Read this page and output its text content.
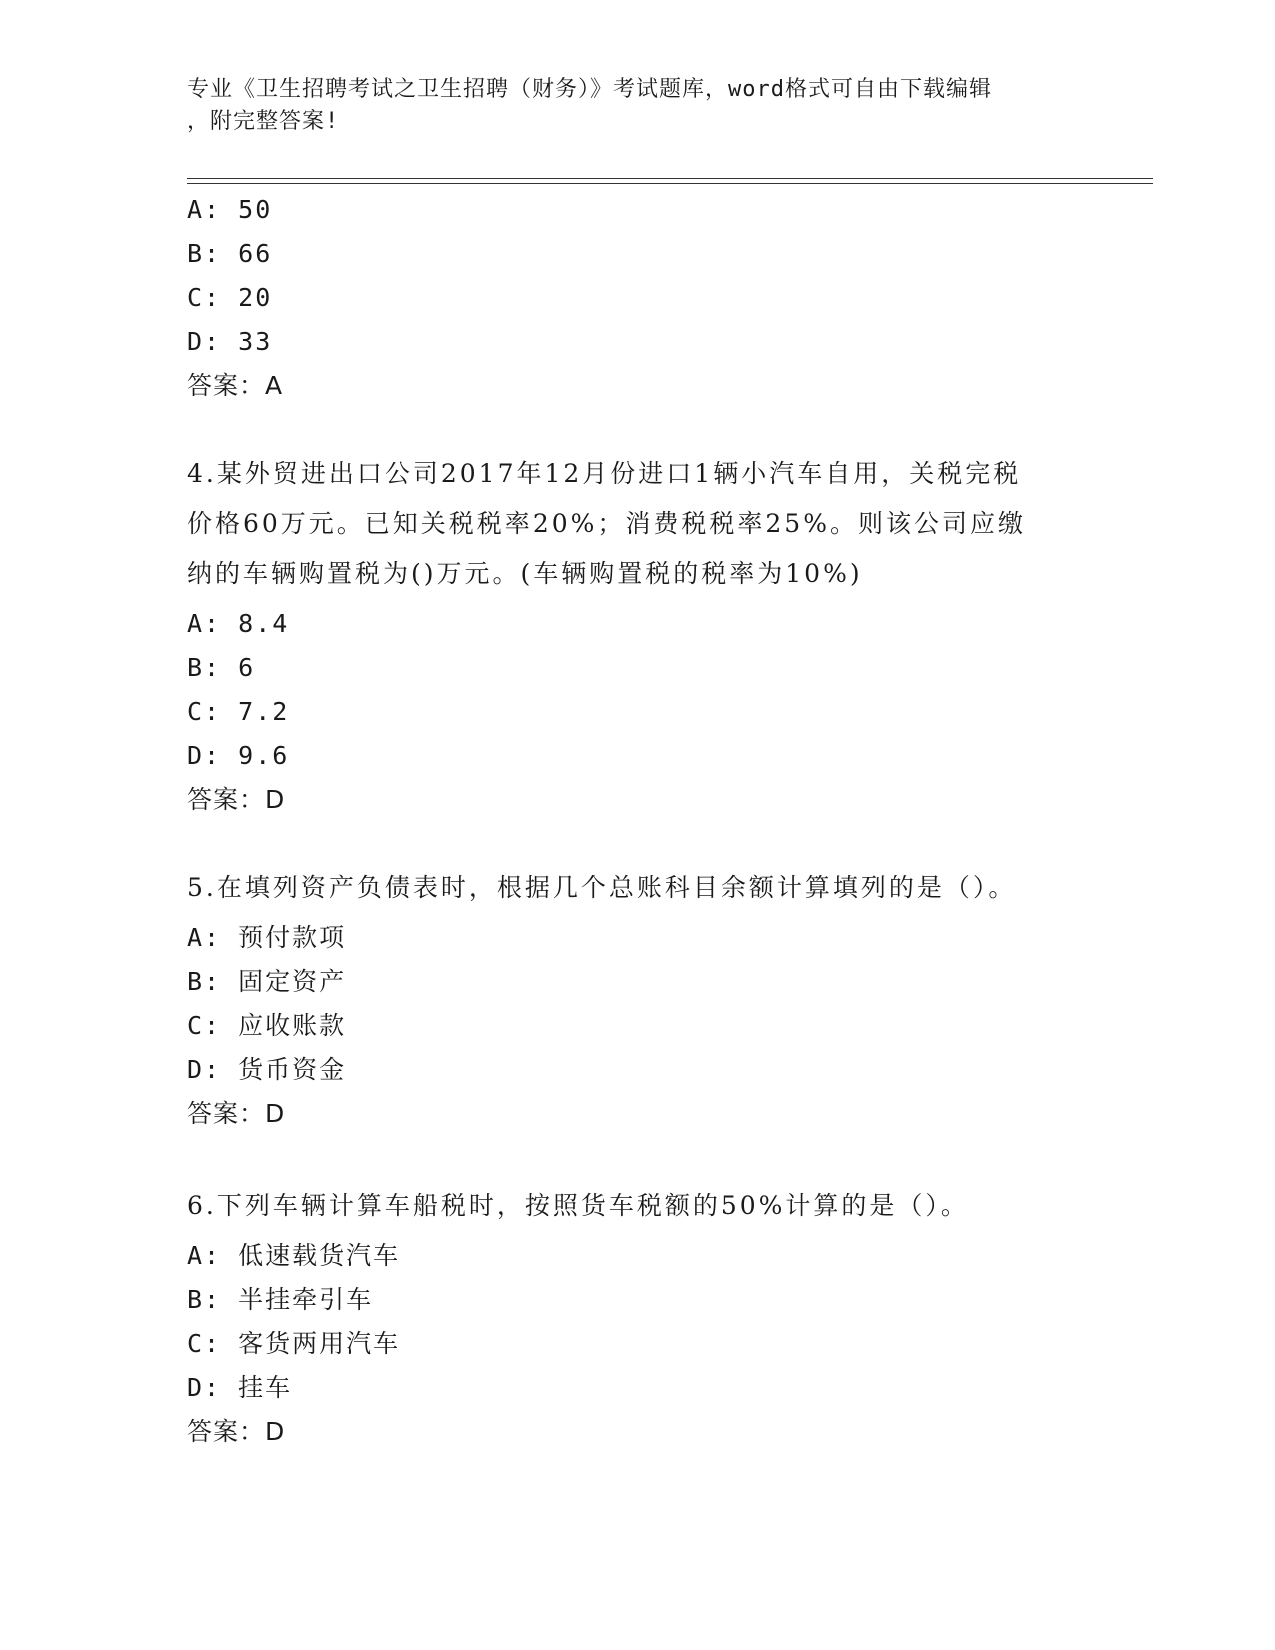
专业《卫生招聘考试之卫生招聘（财务）》考试题库，word格式可自由下载编辑
，附完整答案!
A: 50
B: 66
C: 20
D: 33
答案：A
4.某外贸进出口公司2017年12月份进口1辆小汽车自用，关税完税
价格60万元。已知关税税率20%；消费税税率25%。则该公司应缴
纳的车辆购置税为()万元。(车辆购置税的税率为10%)
A: 8.4
B: 6
C: 7.2
D: 9.6
答案：D
5.在填列资产负债表时，根据几个总账科目余额计算填列的是（）。
A: 预付款项
B: 固定资产
C: 应收账款
D: 货币资金
答案：D
6.下列车辆计算车船税时，按照货车税额的50%计算的是（）。
A: 低速载货汽车
B: 半挂牵引车
C: 客货两用汽车
D: 挂车
答案：D
